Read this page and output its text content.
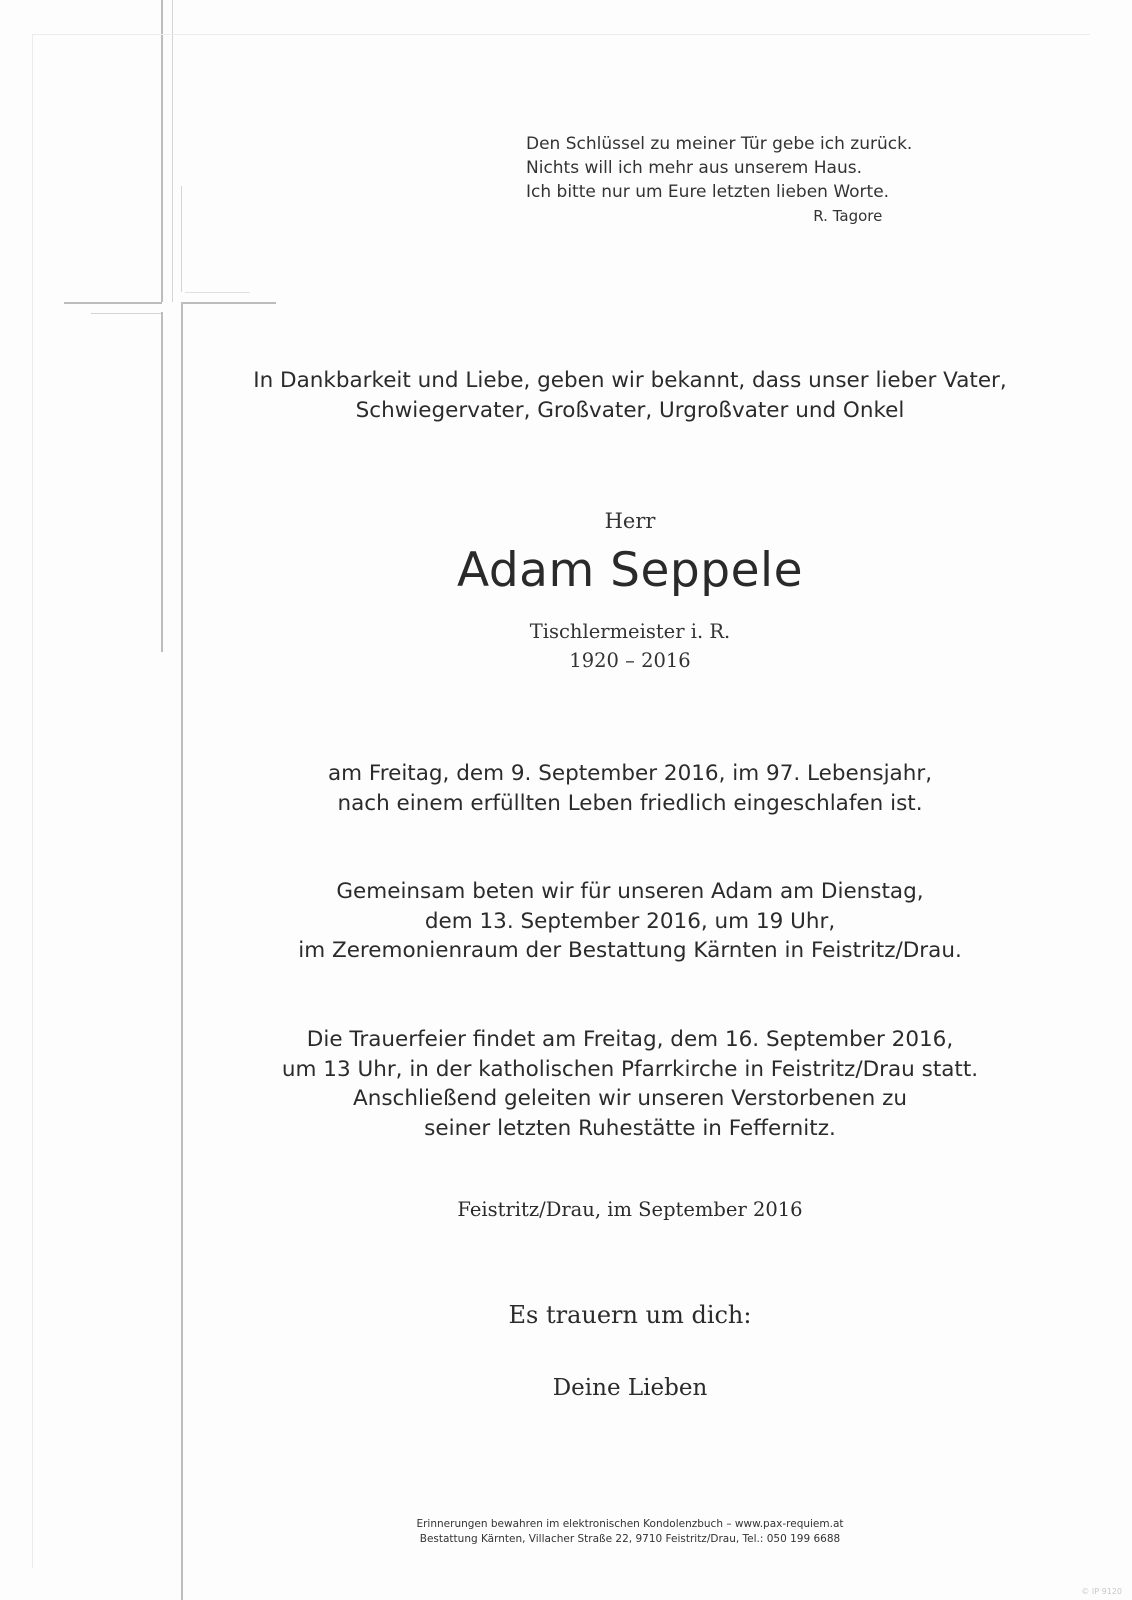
Den Schlüssel zu meiner Tür gebe ich zurück.
Nichts will ich mehr aus unserem Haus.
Ich bitte nur um Eure letzten lieben Worte.
R. Tagore
In Dankbarkeit und Liebe, geben wir bekannt, dass unser lieber Vater,
Schwiegervater, Großvater, Urgroßvater und Onkel
Herr
Adam Seppele
Tischlermeister i. R.
1920 – 2016
am Freitag, dem 9. September 2016, im 97. Lebensjahr,
nach einem erfüllten Leben friedlich eingeschlafen ist.
Gemeinsam beten wir für unseren Adam am Dienstag,
dem 13. September 2016, um 19 Uhr,
im Zeremonienraum der Bestattung Kärnten in Feistritz/Drau.
Die Trauerfeier findet am Freitag, dem 16. September 2016,
um 13 Uhr, in der katholischen Pfarrkirche in Feistritz/Drau statt.
Anschließend geleiten wir unseren Verstorbenen zu
seiner letzten Ruhestätte in Feffernitz.
Feistritz/Drau, im September 2016
Es trauern um dich:
Deine Lieben
Erinnerungen bewahren im elektronischen Kondolenzbuch – www.pax-requiem.at
Bestattung Kärnten, Villacher Straße 22, 9710 Feistritz/Drau, Tel.: 050 199 6688
© IP 9120
